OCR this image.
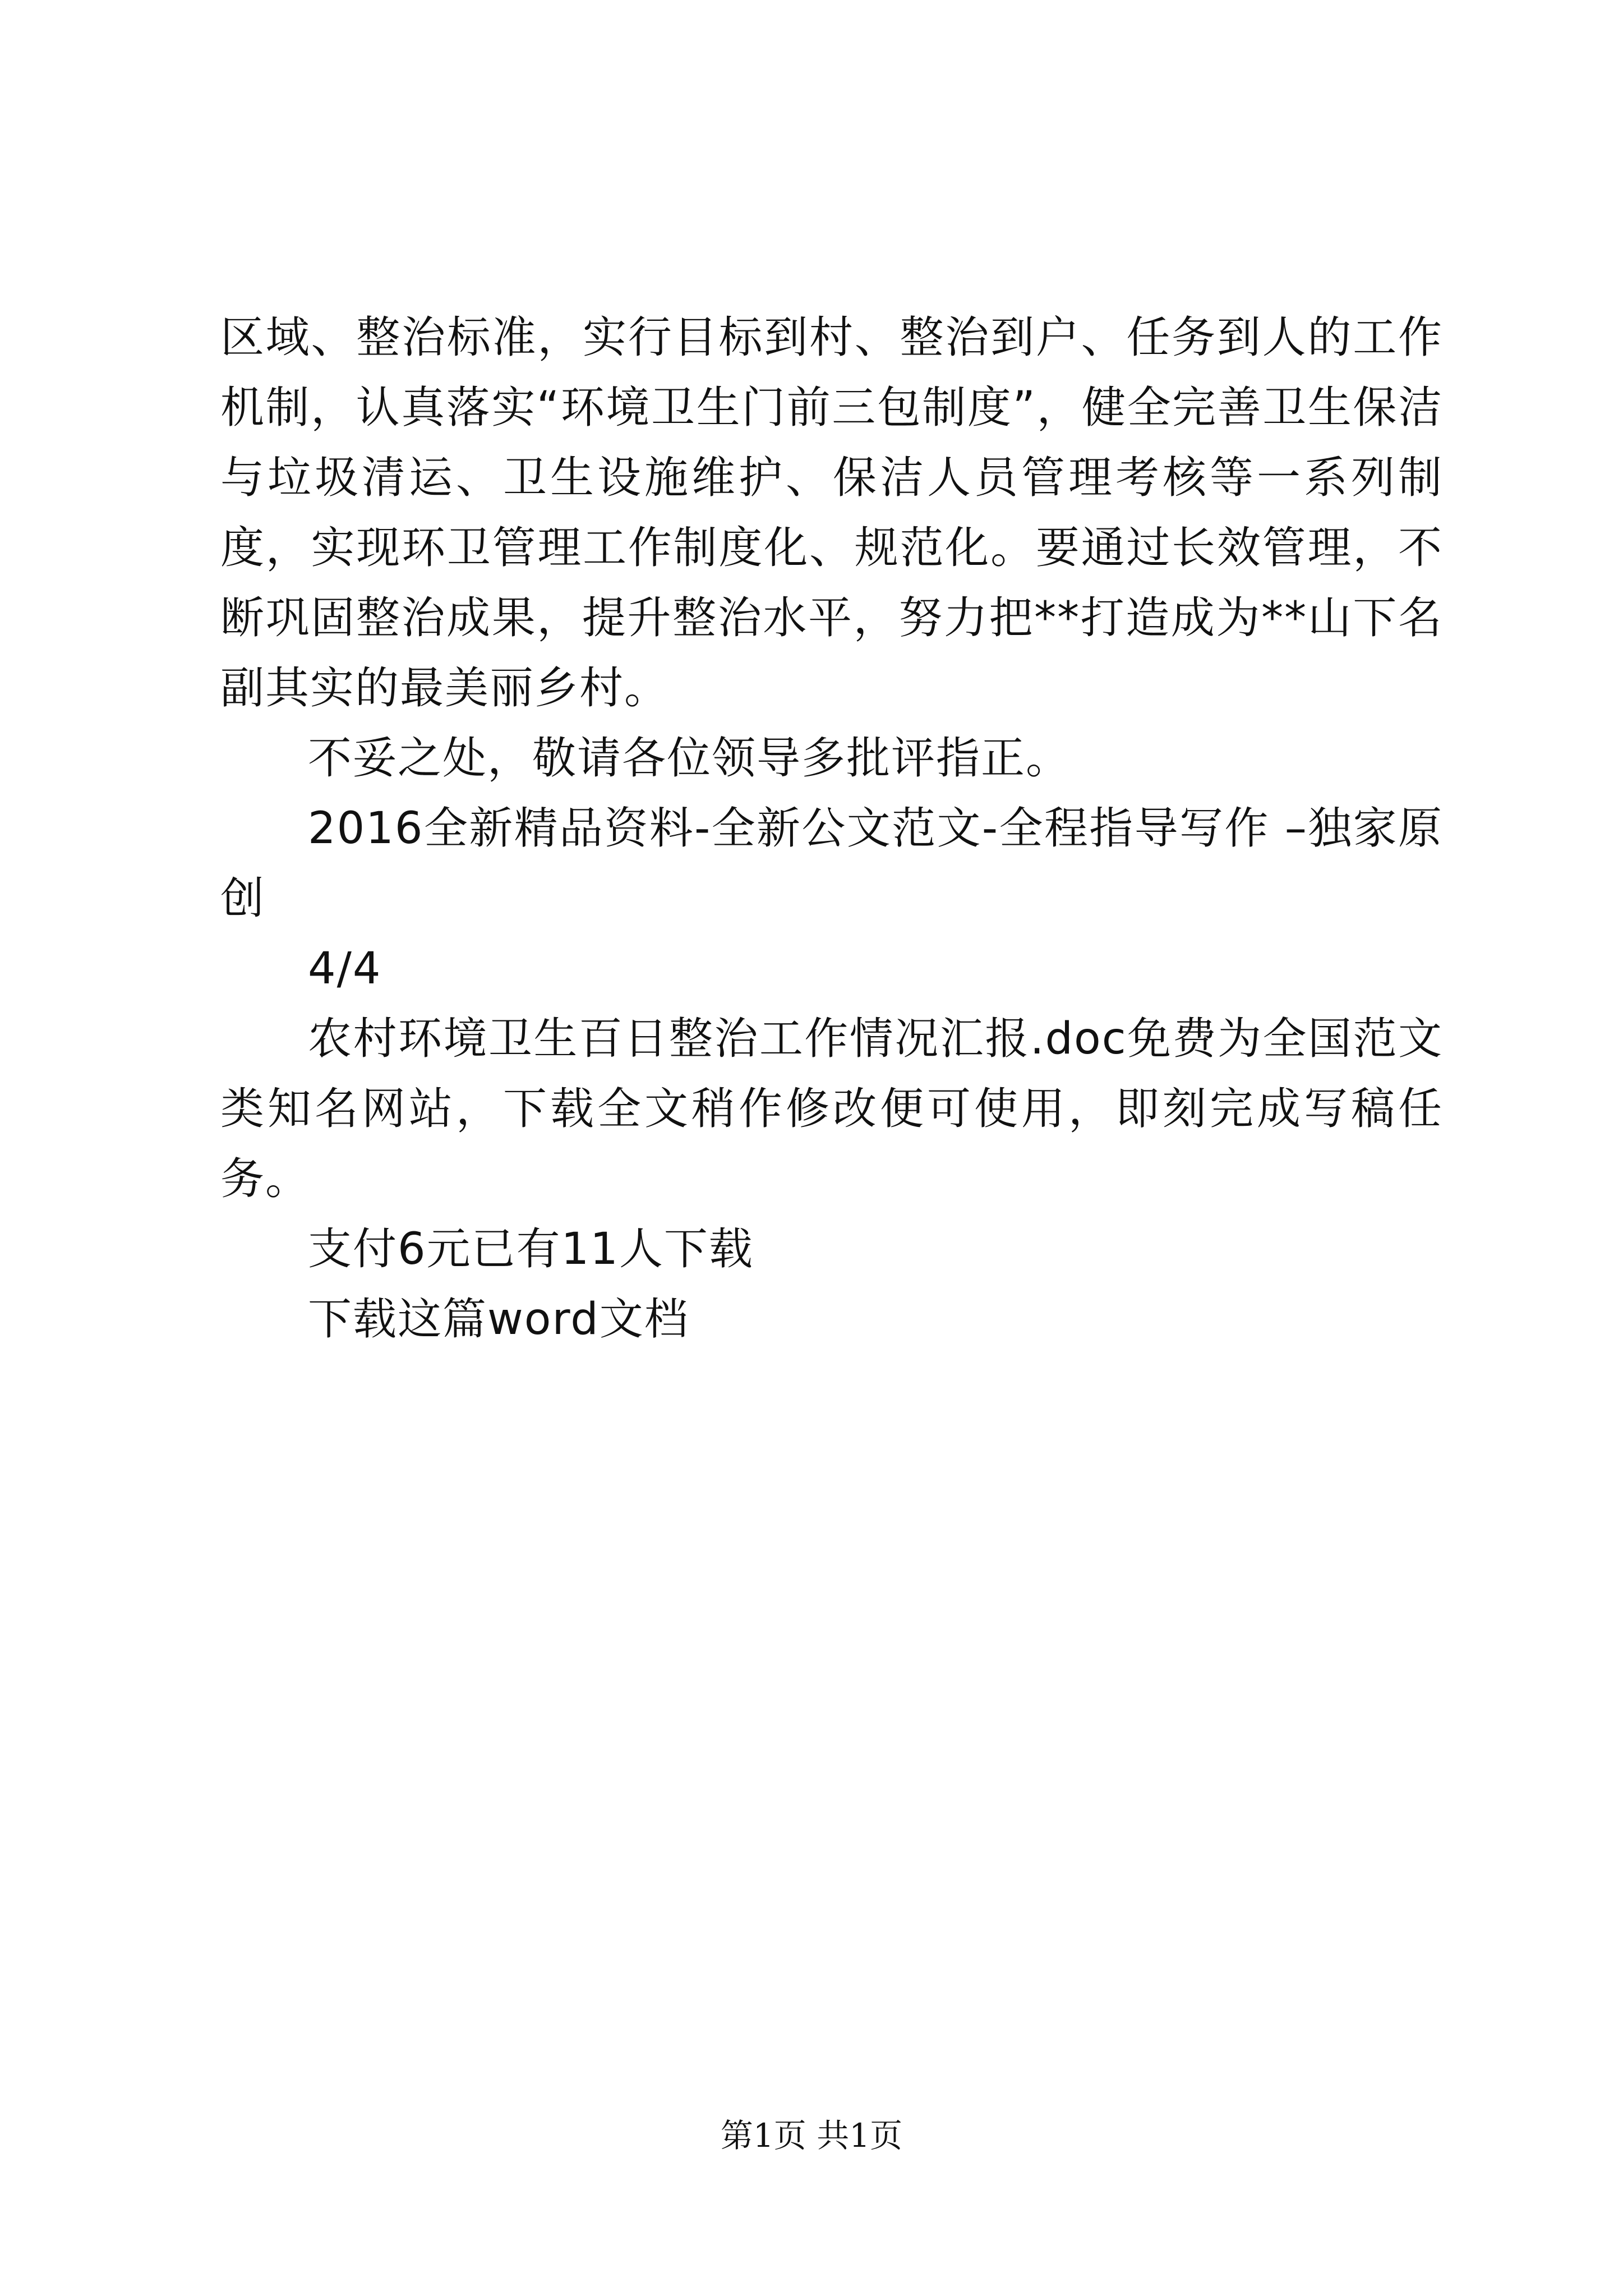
区域、整治标准，实行目标到村、整治到户、任务到人的工作机制，认真落实“环境卫生门前三包制度”，健全完善卫生保洁与垃圾清运、卫生设施维护、保洁人员管理考核等一系列制度，实现环卫管理工作制度化、规范化。要通过长效管理，不断巩固整治成果，提升整治水平，努力把**打造成为**山下名副其实的最美丽乡村。

不妥之处，敬请各位领导多批评指正。

2016全新精品资料-全新公文范文-全程指导写作 –独家原创

4/4

农村环境卫生百日整治工作情况汇报.doc免费为全国范文类知名网站，下载全文稍作修改便可使用，即刻完成写稿任务。

支付6元已有11人下载

下载这篇word文档

第1页 共1页
